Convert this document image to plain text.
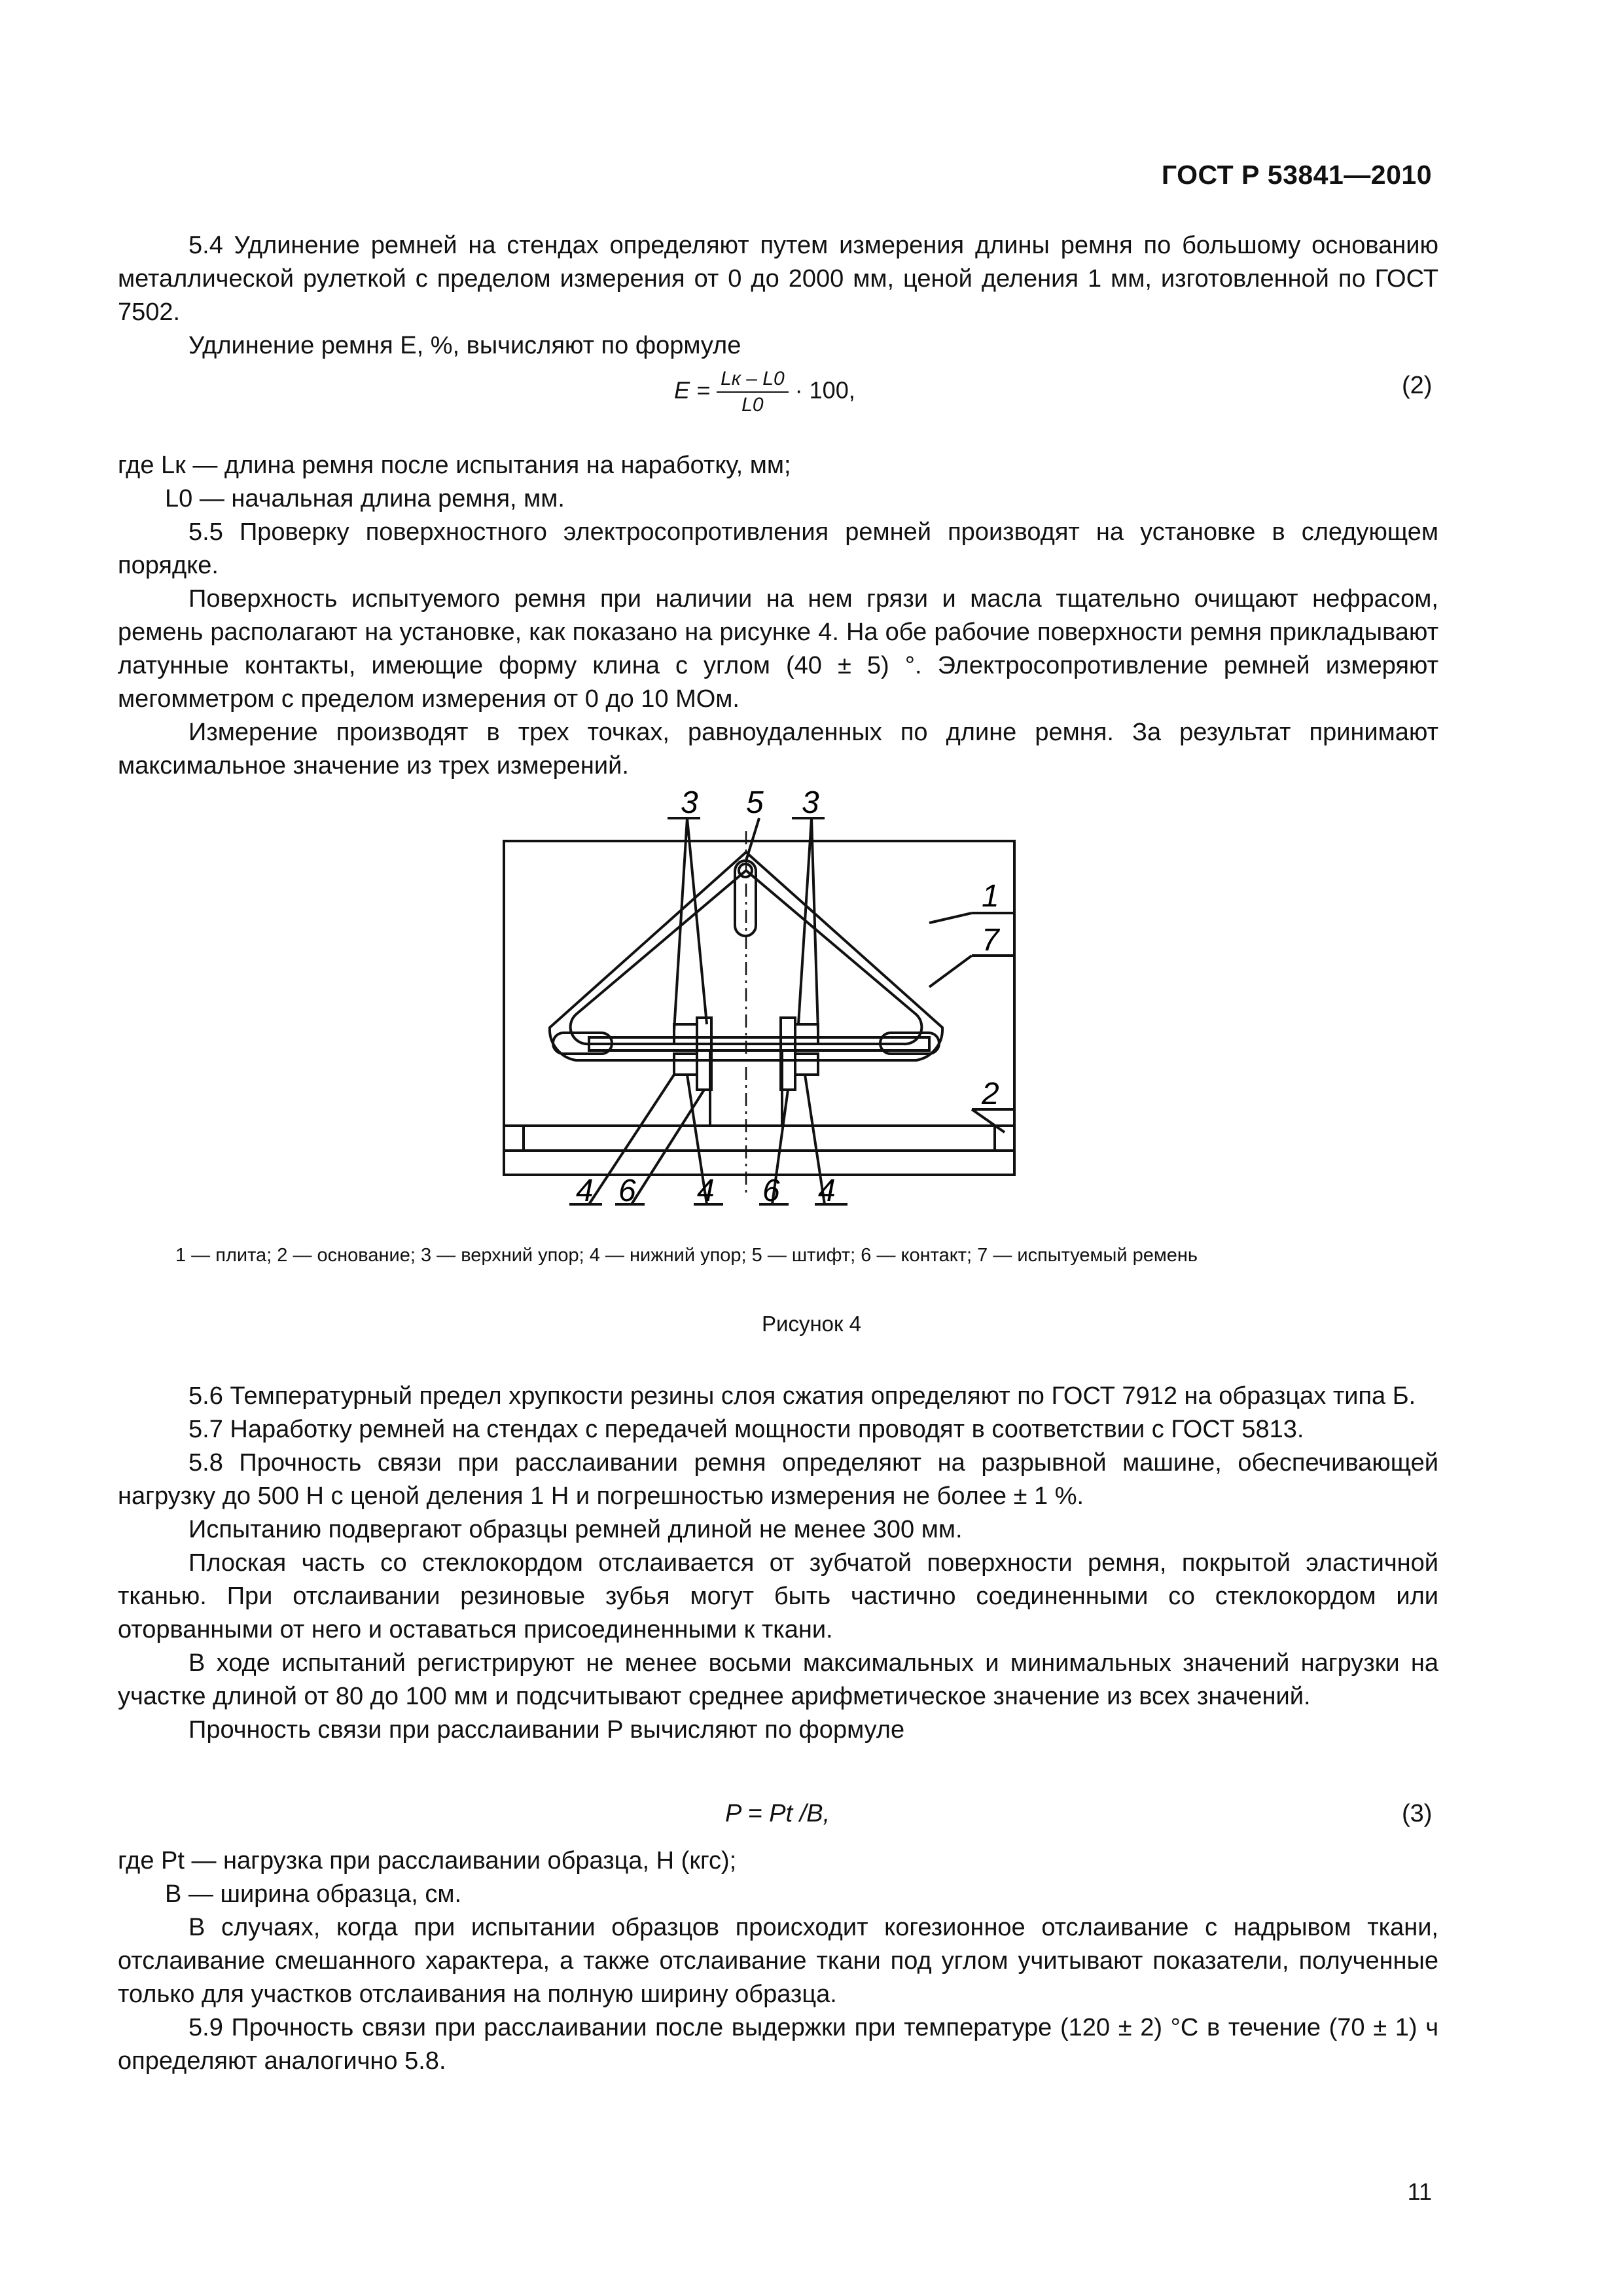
ГОСТ Р 53841—2010

5.4 Удлинение ремней на стендах определяют путем измерения длины ремня по большому основанию металлической рулеткой с пределом измерения от 0 до 2000 мм, ценой деления 1 мм, изготовленной по ГОСТ 7502.

Удлинение ремня E, %, вычисляют по формуле

$E = \frac{Lк - L0}{L0} \cdot 100$,	(2)

где Lк — длина ремня после испытания на наработку, мм;

L0 — начальная длина ремня, мм.

5.5 Проверку поверхностного электросопротивления ремней производят на установке в следующем порядке.

Поверхность испытуемого ремня при наличии на нем грязи и масла тщательно очищают нефрасом, ремень располагают на установке, как показано на рисунке 4. На обе рабочие поверхности ремня прикладывают латунные контакты, имеющие форму клина с углом (40 ± 5) °. Электросопротивление ремней измеряют мегомметром с пределом измерения от 0 до 10 МОм.

Измерение производят в трех точках, равноудаленных по длине ремня. За результат принимают максимальное значение из трех измерений.

3 5 3
1
7
2
4 6 4 6 4
1 — плита; 2 — основание; 3 — верхний упор; 4 — нижний упор; 5 — штифт; 6 — контакт; 7 — испытуемый ремень
Рисунок 4

5.6 Температурный предел хрупкости резины слоя сжатия определяют по ГОСТ 7912 на образцах типа Б.

5.7 Наработку ремней на стендах с передачей мощности проводят в соответствии с ГОСТ 5813.

5.8 Прочность связи при расслаивании ремня определяют на разрывной машине, обеспечивающей нагрузку до 500 Н с ценой деления 1 Н и погрешностью измерения не более ± 1 %.

Испытанию подвергают образцы ремней длиной не менее 300 мм.

Плоская часть со стеклокордом отслаивается от зубчатой поверхности ремня, покрытой эластичной тканью. При отслаивании резиновые зубья могут быть частично соединенными со стеклокордом или оторванными от него и оставаться присоединенными к ткани.

В ходе испытаний регистрируют не менее восьми максимальных и минимальных значений нагрузки на участке длиной от 80 до 100 мм и подсчитывают среднее арифметическое значение из всех значений.

Прочность связи при расслаивании P вычисляют по формуле

P = Pt /B,	(3)

где Pt — нагрузка при расслаивании образца, Н (кгс);

B — ширина образца, см.

В случаях, когда при испытании образцов происходит когезионное отслаивание с надрывом ткани, отслаивание смешанного характера, а также отслаивание ткани под углом учитывают показатели, полученные только для участков отслаивания на полную ширину образца.

5.9 Прочность связи при расслаивании после выдержки при температуре (120 ± 2) °С в течение (70 ± 1) ч определяют аналогично 5.8.

11
